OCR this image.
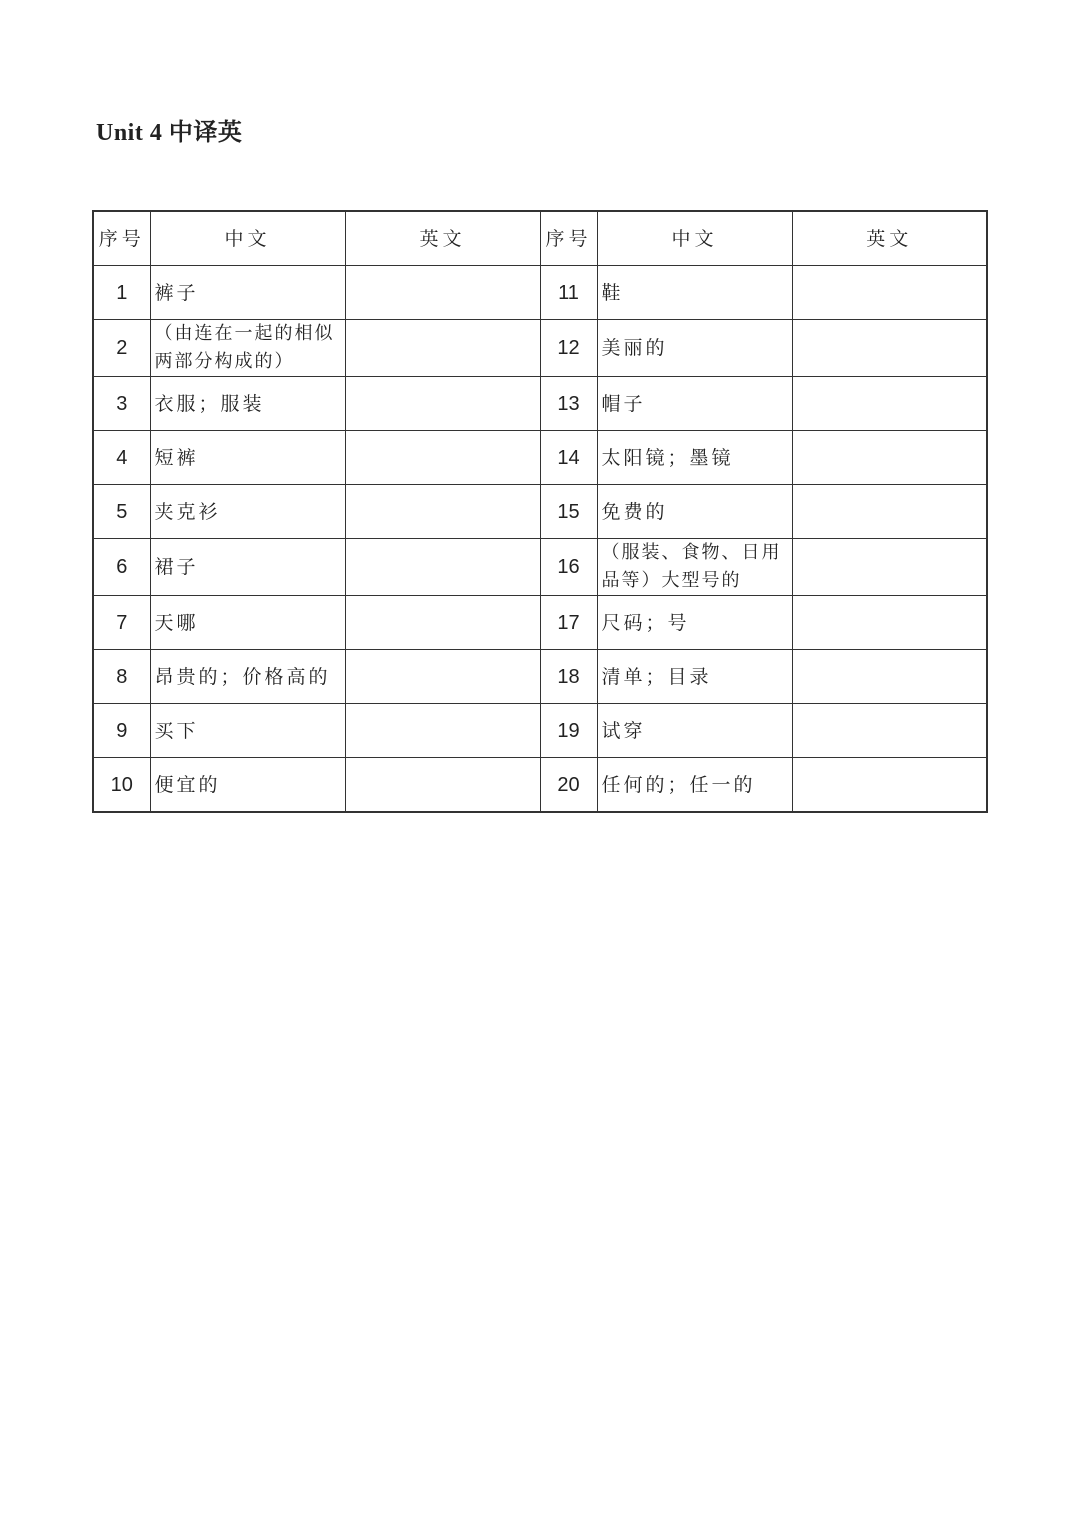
Unit 4 中译英
序号	中文	英文	序号	中文	英文
1	裤子		11	鞋	
2	（由连在一起的相似两部分构成的）		12	美丽的	
3	衣服；服装		13	帽子	
4	短裤		14	太阳镜；墨镜	
5	夹克衫		15	免费的	
6	裙子		16	（服装、食物、日用品等）大型号的	
7	天哪		17	尺码；号	
8	昂贵的；价格高的		18	清单；目录	
9	买下		19	试穿	
10	便宜的		20	任何的；任一的	
